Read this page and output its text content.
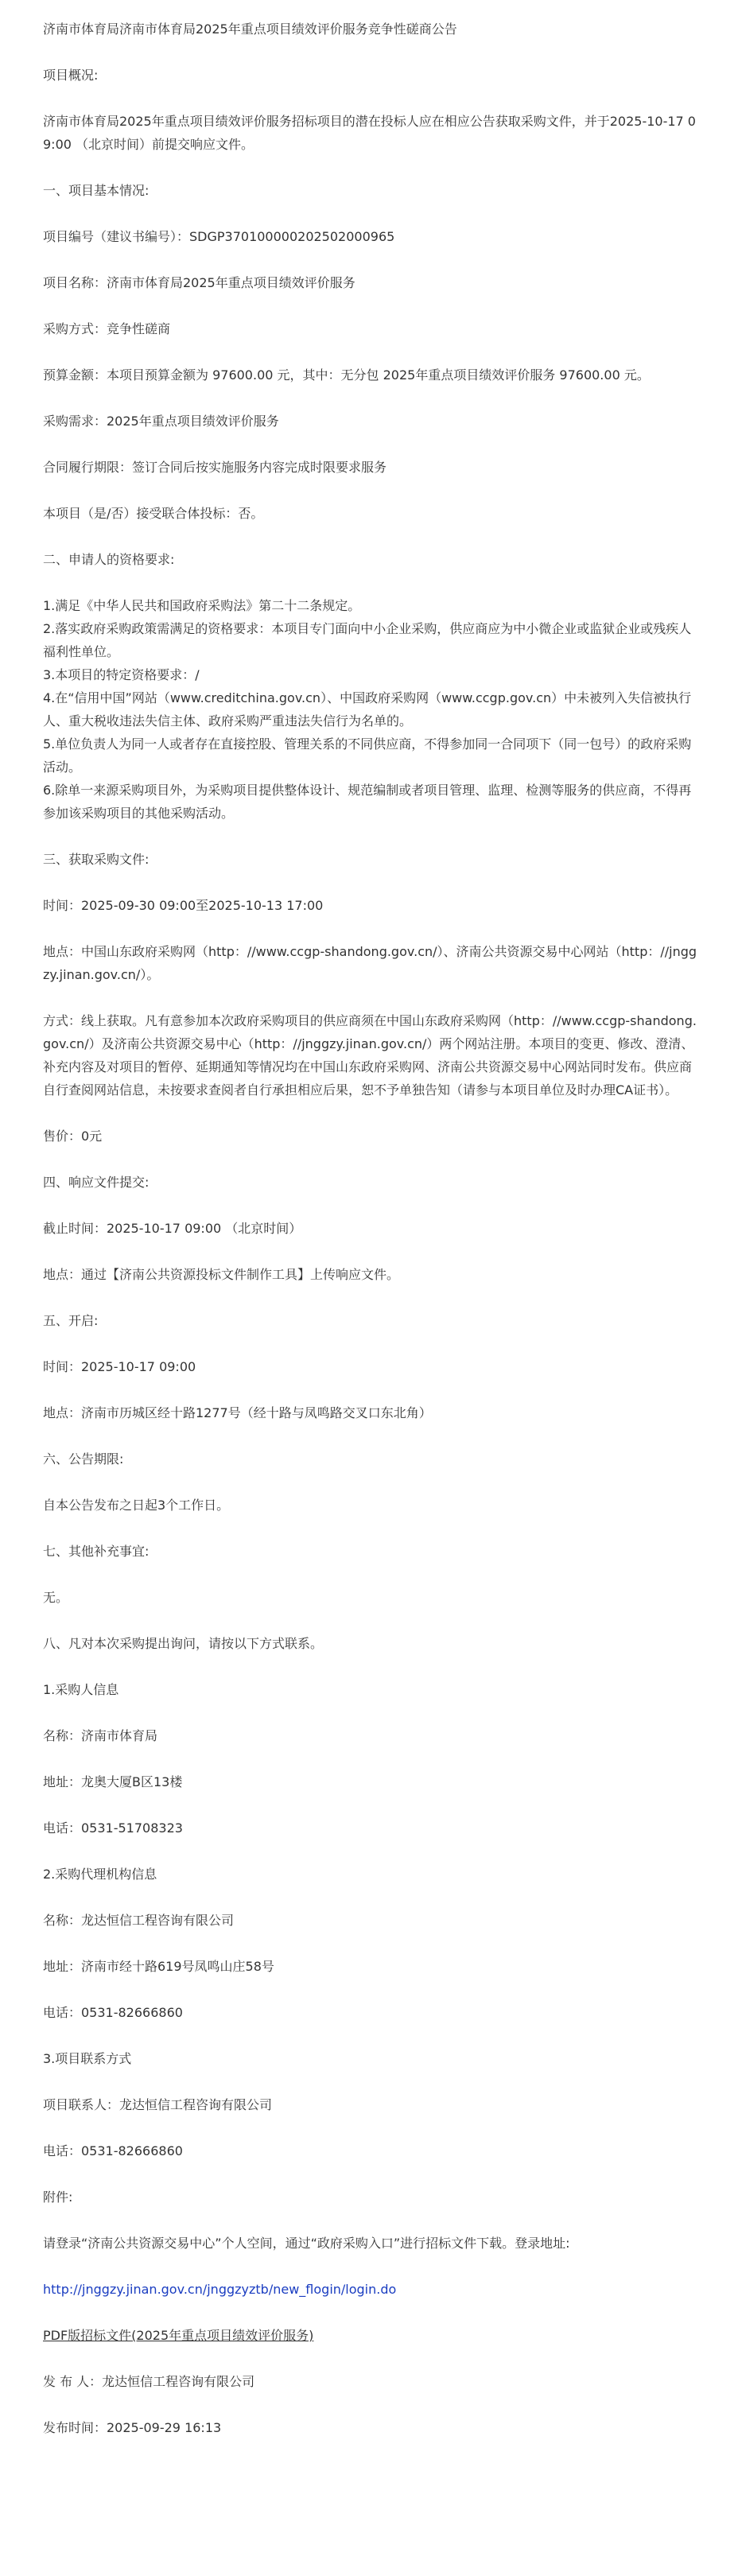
济南市体育局济南市体育局2025年重点项目绩效评价服务竞争性磋商公告

项目概况:

济南市体育局2025年重点项目绩效评价服务招标项目的潜在投标人应在相应公告获取采购文件，并于2025-10-17 09:00 （北京时间）前提交响应文件。

一、项目基本情况:

项目编号（建议书编号）：SDGP370100000202502000965

项目名称：济南市体育局2025年重点项目绩效评价服务

采购方式：竞争性磋商

预算金额：本项目预算金额为 97600.00 元，其中：无分包 2025年重点项目绩效评价服务 97600.00 元。

采购需求：2025年重点项目绩效评价服务

合同履行期限：签订合同后按实施服务内容完成时限要求服务

本项目（是/否）接受联合体投标：否。

二、申请人的资格要求:

1.满足《中华人民共和国政府采购法》第二十二条规定。

2.落实政府采购政策需满足的资格要求：本项目专门面向中小企业采购，供应商应为中小微企业或监狱企业或残疾人福利性单位。

3.本项目的特定资格要求：/

4.在“信用中国”网站（www.creditchina.gov.cn）、中国政府采购网（www.ccgp.gov.cn）中未被列入失信被执行人、重大税收违法失信主体、政府采购严重违法失信行为名单的。

5.单位负责人为同一人或者存在直接控股、管理关系的不同供应商，不得参加同一合同项下（同一包号）的政府采购活动。

6.除单一来源采购项目外，为采购项目提供整体设计、规范编制或者项目管理、监理、检测等服务的供应商，不得再参加该采购项目的其他采购活动。

三、获取采购文件:

时间：2025-09-30 09:00至2025-10-13 17:00

地点：中国山东政府采购网（http：//www.ccgp-shandong.gov.cn/）、济南公共资源交易中心网站（http：//jnggzy.jinan.gov.cn/）。

方式：线上获取。凡有意参加本次政府采购项目的供应商须在中国山东政府采购网（http：//www.ccgp-shandong.gov.cn/）及济南公共资源交易中心（http：//jnggzy.jinan.gov.cn/）两个网站注册。本项目的变更、修改、澄清、补充内容及对项目的暂停、延期通知等情况均在中国山东政府采购网、济南公共资源交易中心网站同时发布。供应商自行查阅网站信息，未按要求查阅者自行承担相应后果，恕不予单独告知（请参与本项目单位及时办理CA证书）。

售价：0元

四、响应文件提交:

截止时间：2025-10-17 09:00 （北京时间）

地点：通过【济南公共资源投标文件制作工具】上传响应文件。

五、开启:

时间：2025-10-17 09:00

地点：济南市历城区经十路1277号（经十路与凤鸣路交叉口东北角）

六、公告期限:

自本公告发布之日起3个工作日。

七、其他补充事宜:

无。

八、凡对本次采购提出询问，请按以下方式联系。

1.采购人信息

名称：济南市体育局

地址：龙奥大厦B区13楼

电话：0531-51708323

2.采购代理机构信息

名称：龙达恒信工程咨询有限公司

地址：济南市经十路619号凤鸣山庄58号

电话：0531-82666860

3.项目联系方式

项目联系人：龙达恒信工程咨询有限公司

电话：0531-82666860

附件:

请登录“济南公共资源交易中心”个人空间，通过“政府采购入口”进行招标文件下载。登录地址:

http://jnggzy.jinan.gov.cn/jnggzyztb/new_flogin/login.do

PDF版招标文件(2025年重点项目绩效评价服务)

发 布 人：龙达恒信工程咨询有限公司

发布时间：2025-09-29 16:13
